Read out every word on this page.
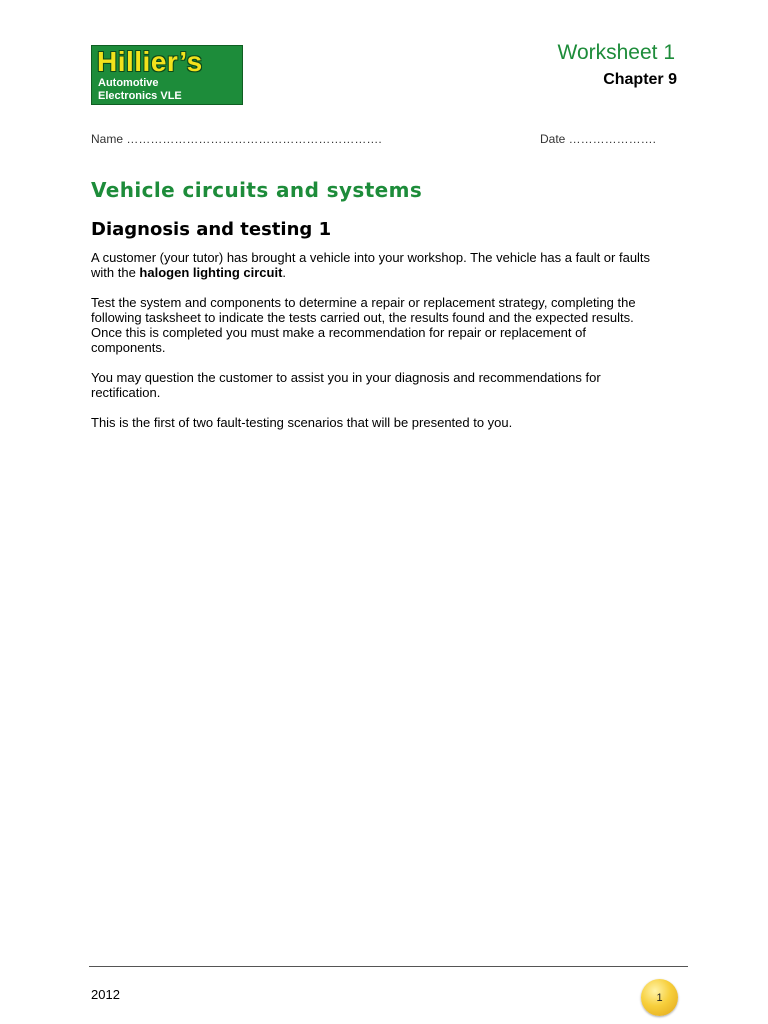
Hillier’s
Automotive
Electronics VLE
Worksheet 1
Chapter 9
Name ……………………………………………………….	Date ………………….
Vehicle circuits and systems
Diagnosis and testing 1

A customer (your tutor) has brought a vehicle into your workshop. The vehicle has a fault or faults with the halogen lighting circuit.

Test the system and components to determine a repair or replacement strategy, completing the following tasksheet to indicate the tests carried out, the results found and the expected results. Once this is completed you must make a recommendation for repair or replacement of components.

You may question the customer to assist you in your diagnosis and recommendations for rectification.

This is the first of two fault-testing scenarios that will be presented to you.

2012	1
